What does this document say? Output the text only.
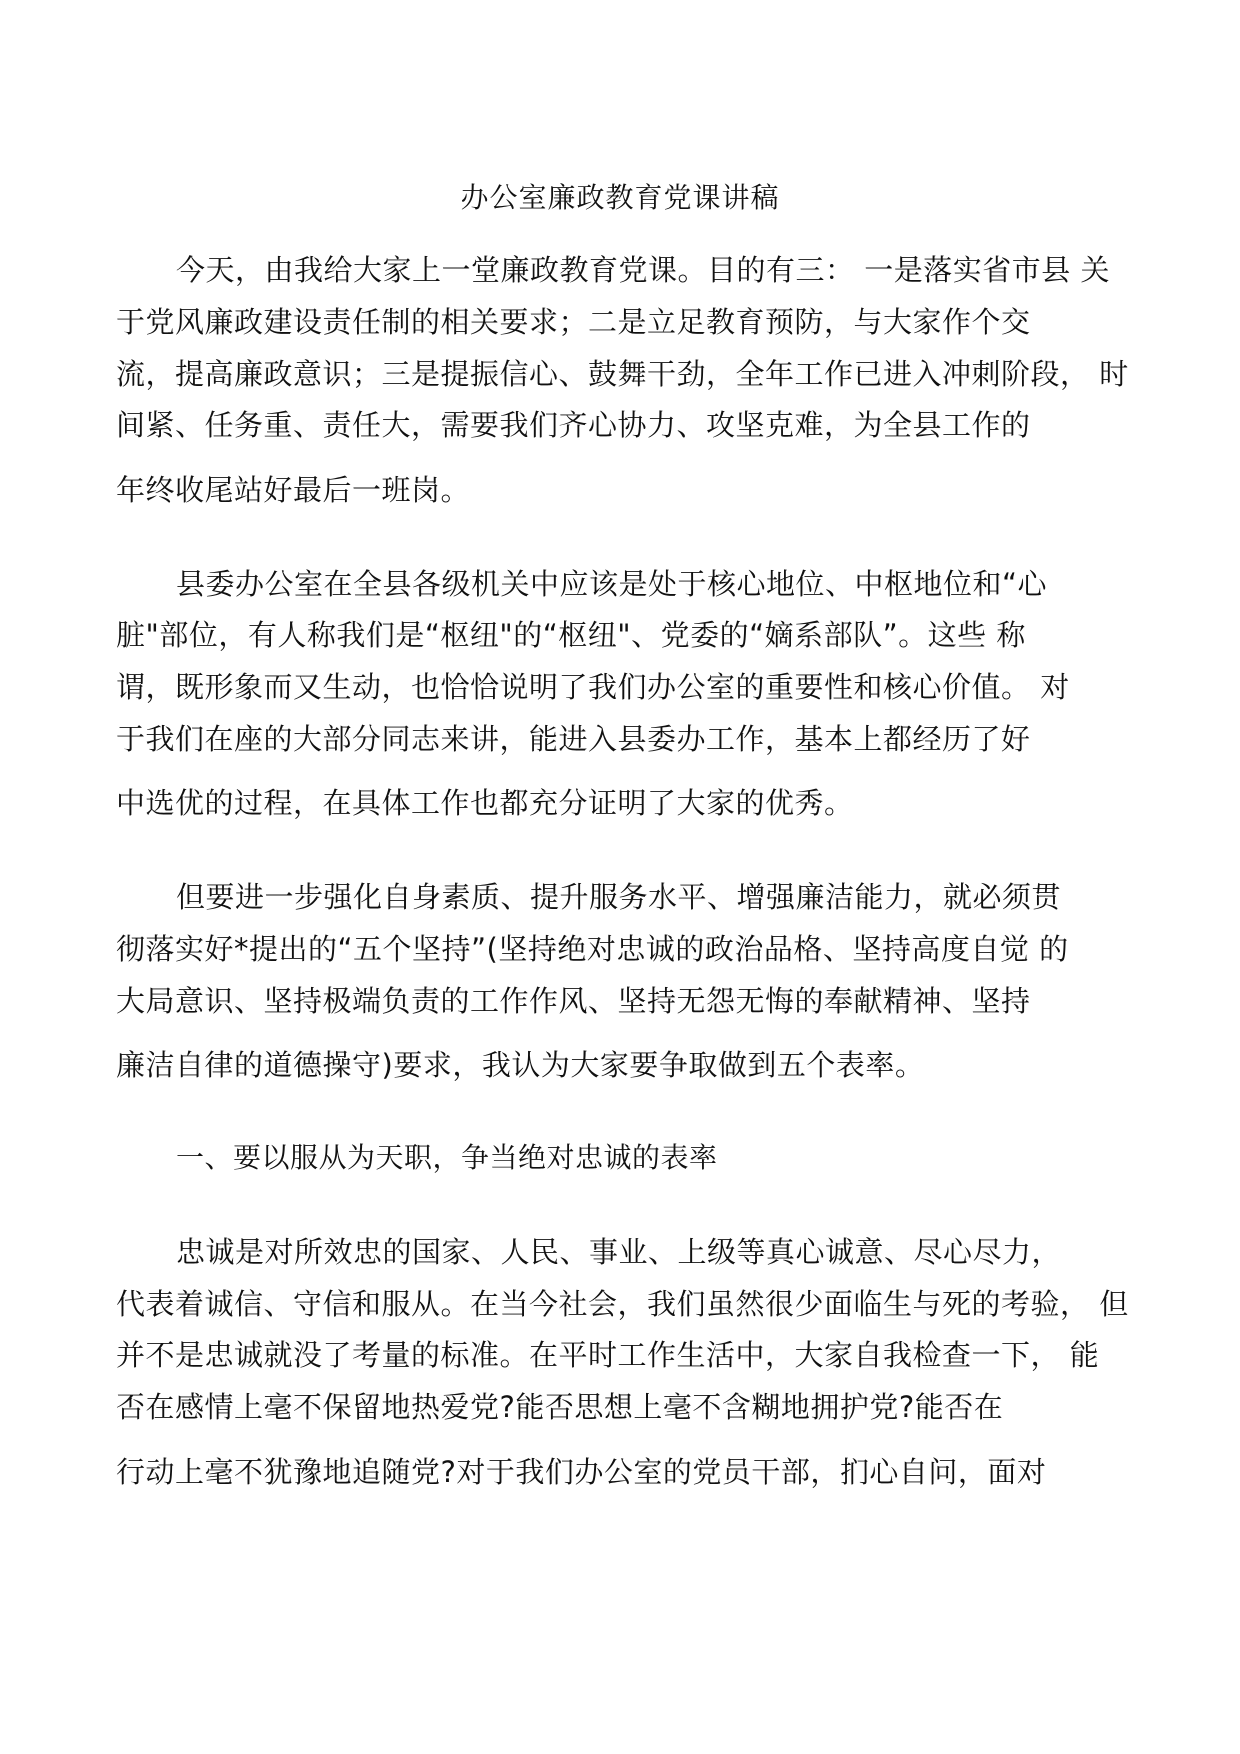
办公室廉政教育党课讲稿
今天，由我给大家上一堂廉政教育党课。目的有三： 一是落实省市县 关
于党风廉政建设责任制的相关要求；二是立足教育预防，与大家作个交
流，提高廉政意识；三是提振信心、鼓舞干劲，全年工作已进入冲刺阶段， 时
间紧、任务重、责任大，需要我们齐心协力、攻坚克难，为全县工作的
年终收尾站好最后一班岗。
县委办公室在全县各级机关中应该是处于核心地位、中枢地位和“心
脏"部位，有人称我们是“枢纽"的“枢纽"、党委的“嫡系部队”。这些 称
谓，既形象而又生动，也恰恰说明了我们办公室的重要性和核心价值。 对
于我们在座的大部分同志来讲，能进入县委办工作，基本上都经历了好
中选优的过程，在具体工作也都充分证明了大家的优秀。
但要进一步强化自身素质、提升服务水平、增强廉洁能力，就必须贯
彻落实好*提出的“五个坚持”(坚持绝对忠诚的政治品格、坚持高度自觉 的
大局意识、坚持极端负责的工作作风、坚持无怨无悔的奉献精神、坚持
廉洁自律的道德操守)要求，我认为大家要争取做到五个表率。
一、要以服从为天职，争当绝对忠诚的表率
忠诚是对所效忠的国家、人民、事业、上级等真心诚意、尽心尽力，
代表着诚信、守信和服从。在当今社会，我们虽然很少面临生与死的考验， 但
并不是忠诚就没了考量的标准。在平时工作生活中，大家自我检查一下， 能
否在感情上毫不保留地热爱党?能否思想上毫不含糊地拥护党?能否在
行动上毫不犹豫地追随党?对于我们办公室的党员干部，扪心自问，面对
